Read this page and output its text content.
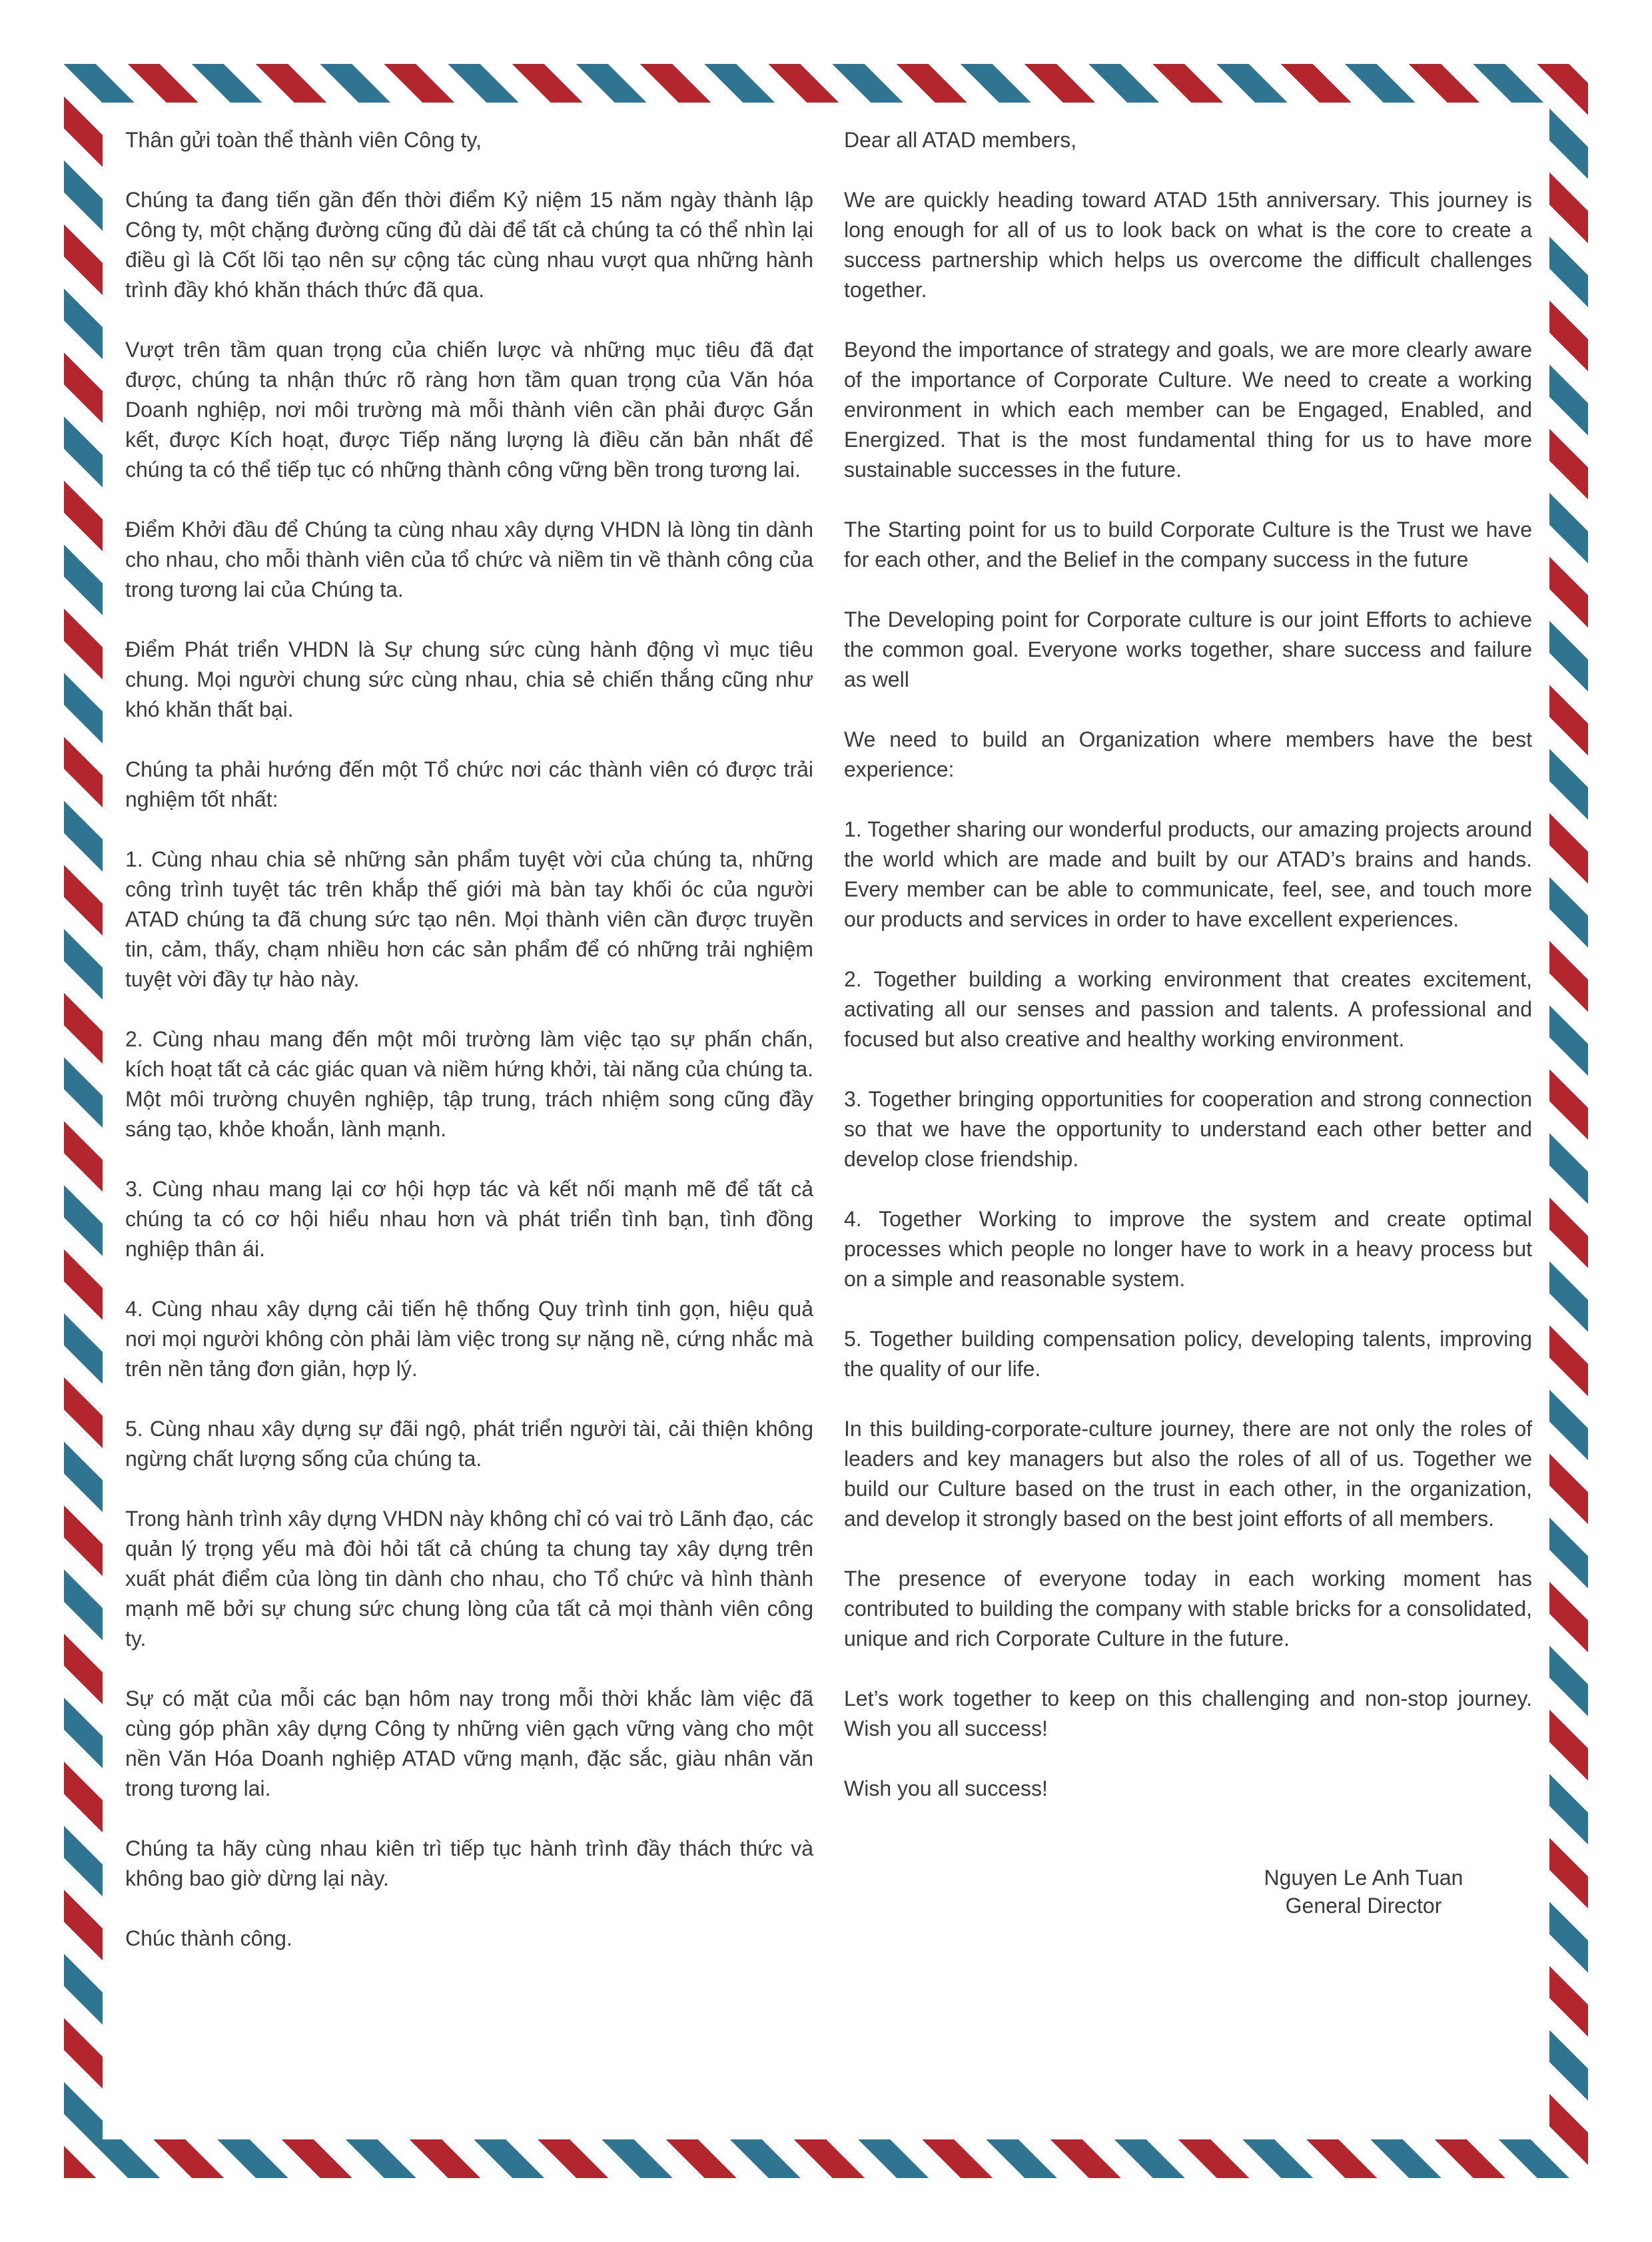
Thân gửi toàn thể thành viên Công ty,

Chúng ta đang tiến gần đến thời điểm Kỷ niệm 15 năm ngày thành lập Công ty, một chặng đường cũng đủ dài để tất cả chúng ta có thể nhìn lại điều gì là Cốt lõi tạo nên sự cộng tác cùng nhau vượt qua những hành trình đầy khó khăn thách thức đã qua.

Vượt trên tầm quan trọng của chiến lược và những mục tiêu đã đạt được, chúng ta nhận thức rõ ràng hơn tầm quan trọng của Văn hóa Doanh nghiệp, nơi môi trường mà mỗi thành viên cần phải được Gắn kết, được Kích hoạt, được Tiếp năng lượng là điều căn bản nhất để chúng ta có thể tiếp tục có những thành công vững bền trong tương lai.

Điểm Khởi đầu để Chúng ta cùng nhau xây dựng VHDN là lòng tin dành cho nhau, cho mỗi thành viên của tổ chức và niềm tin về thành công của trong tương lai của Chúng ta.

Điểm Phát triển VHDN là Sự chung sức cùng hành động vì mục tiêu chung. Mọi người chung sức cùng nhau, chia sẻ chiến thắng cũng như khó khăn thất bại.

Chúng ta phải hướng đến một Tổ chức nơi các thành viên có được trải nghiệm tốt nhất:

1. Cùng nhau chia sẻ những sản phẩm tuyệt vời của chúng ta, những công trình tuyệt tác trên khắp thế giới mà bàn tay khối óc của người ATAD chúng ta đã chung sức tạo nên. Mọi thành viên cần được truyền tin, cảm, thấy, chạm nhiều hơn các sản phẩm để có những trải nghiệm tuyệt vời đầy tự hào này.

2. Cùng nhau mang đến một môi trường làm việc tạo sự phấn chấn, kích hoạt tất cả các giác quan và niềm hứng khởi, tài năng của chúng ta. Một môi trường chuyên nghiệp, tập trung, trách nhiệm song cũng đầy sáng tạo, khỏe khoắn, lành mạnh.

3. Cùng nhau mang lại cơ hội hợp tác và kết nối mạnh mẽ để tất cả chúng ta có cơ hội hiểu nhau hơn và phát triển tình bạn, tình đồng nghiệp thân ái.

4. Cùng nhau xây dựng cải tiến hệ thống Quy trình tinh gọn, hiệu quả nơi mọi người không còn phải làm việc trong sự nặng nề, cứng nhắc mà trên nền tảng đơn giản, hợp lý.

5. Cùng nhau xây dựng sự đãi ngộ, phát triển người tài, cải thiện không ngừng chất lượng sống của chúng ta.

Trong hành trình xây dựng VHDN này không chỉ có vai trò Lãnh đạo, các quản lý trọng yếu mà đòi hỏi tất cả chúng ta chung tay xây dựng trên xuất phát điểm của lòng tin dành cho nhau, cho Tổ chức và hình thành mạnh mẽ bởi sự chung sức chung lòng của tất cả mọi thành viên công ty.

Sự có mặt của mỗi các bạn hôm nay trong mỗi thời khắc làm việc đã cùng góp phần xây dựng Công ty những viên gạch vững vàng cho một nền Văn Hóa Doanh nghiệp ATAD vững mạnh, đặc sắc, giàu nhân văn trong tương lai.

Chúng ta hãy cùng nhau kiên trì tiếp tục hành trình đầy thách thức và không bao giờ dừng lại này.

Chúc thành công.

Dear all ATAD members,

We are quickly heading toward ATAD 15th anniversary. This journey is long enough for all of us to look back on what is the core to create a success partnership which helps us overcome the difficult challenges together.

Beyond the importance of strategy and goals, we are more clearly aware of the importance of Corporate Culture. We need to create a working environment in which each member can be Engaged, Enabled, and Energized. That is the most fundamental thing for us to have more sustainable successes in the future.

The Starting point for us to build Corporate Culture is the Trust we have for each other, and the Belief in the company success in the future

The Developing point for Corporate culture is our joint Efforts to achieve the common goal. Everyone works together, share success and failure as well

We need to build an Organization where members have the best experience:

1. Together sharing our wonderful products, our amazing projects around the world which are made and built by our ATAD’s brains and hands. Every member can be able to communicate, feel, see, and touch more our products and services in order to have excellent experiences.

2. Together building a working environment that creates excitement, activating all our senses and passion and talents. A professional and focused but also creative and healthy working environment.

3. Together bringing opportunities for cooperation and strong connection so that we have the opportunity to understand each other better and develop close friendship.

4. Together Working to improve the system and create optimal processes which people no longer have to work in a heavy process but on a simple and reasonable system.

5. Together building compensation policy, developing talents, improving the quality of our life.

In this building-corporate-culture journey, there are not only the roles of leaders and key managers but also the roles of all of us. Together we build our Culture based on the trust in each other, in the organization, and develop it strongly based on the best joint efforts of all members.

The presence of everyone today in each working moment has contributed to building the company with stable bricks for a consolidated, unique and rich Corporate Culture in the future.

Let’s work together to keep on this challenging and non-stop journey. Wish you all success!

Wish you all success!

Nguyen Le Anh Tuan
General Director
